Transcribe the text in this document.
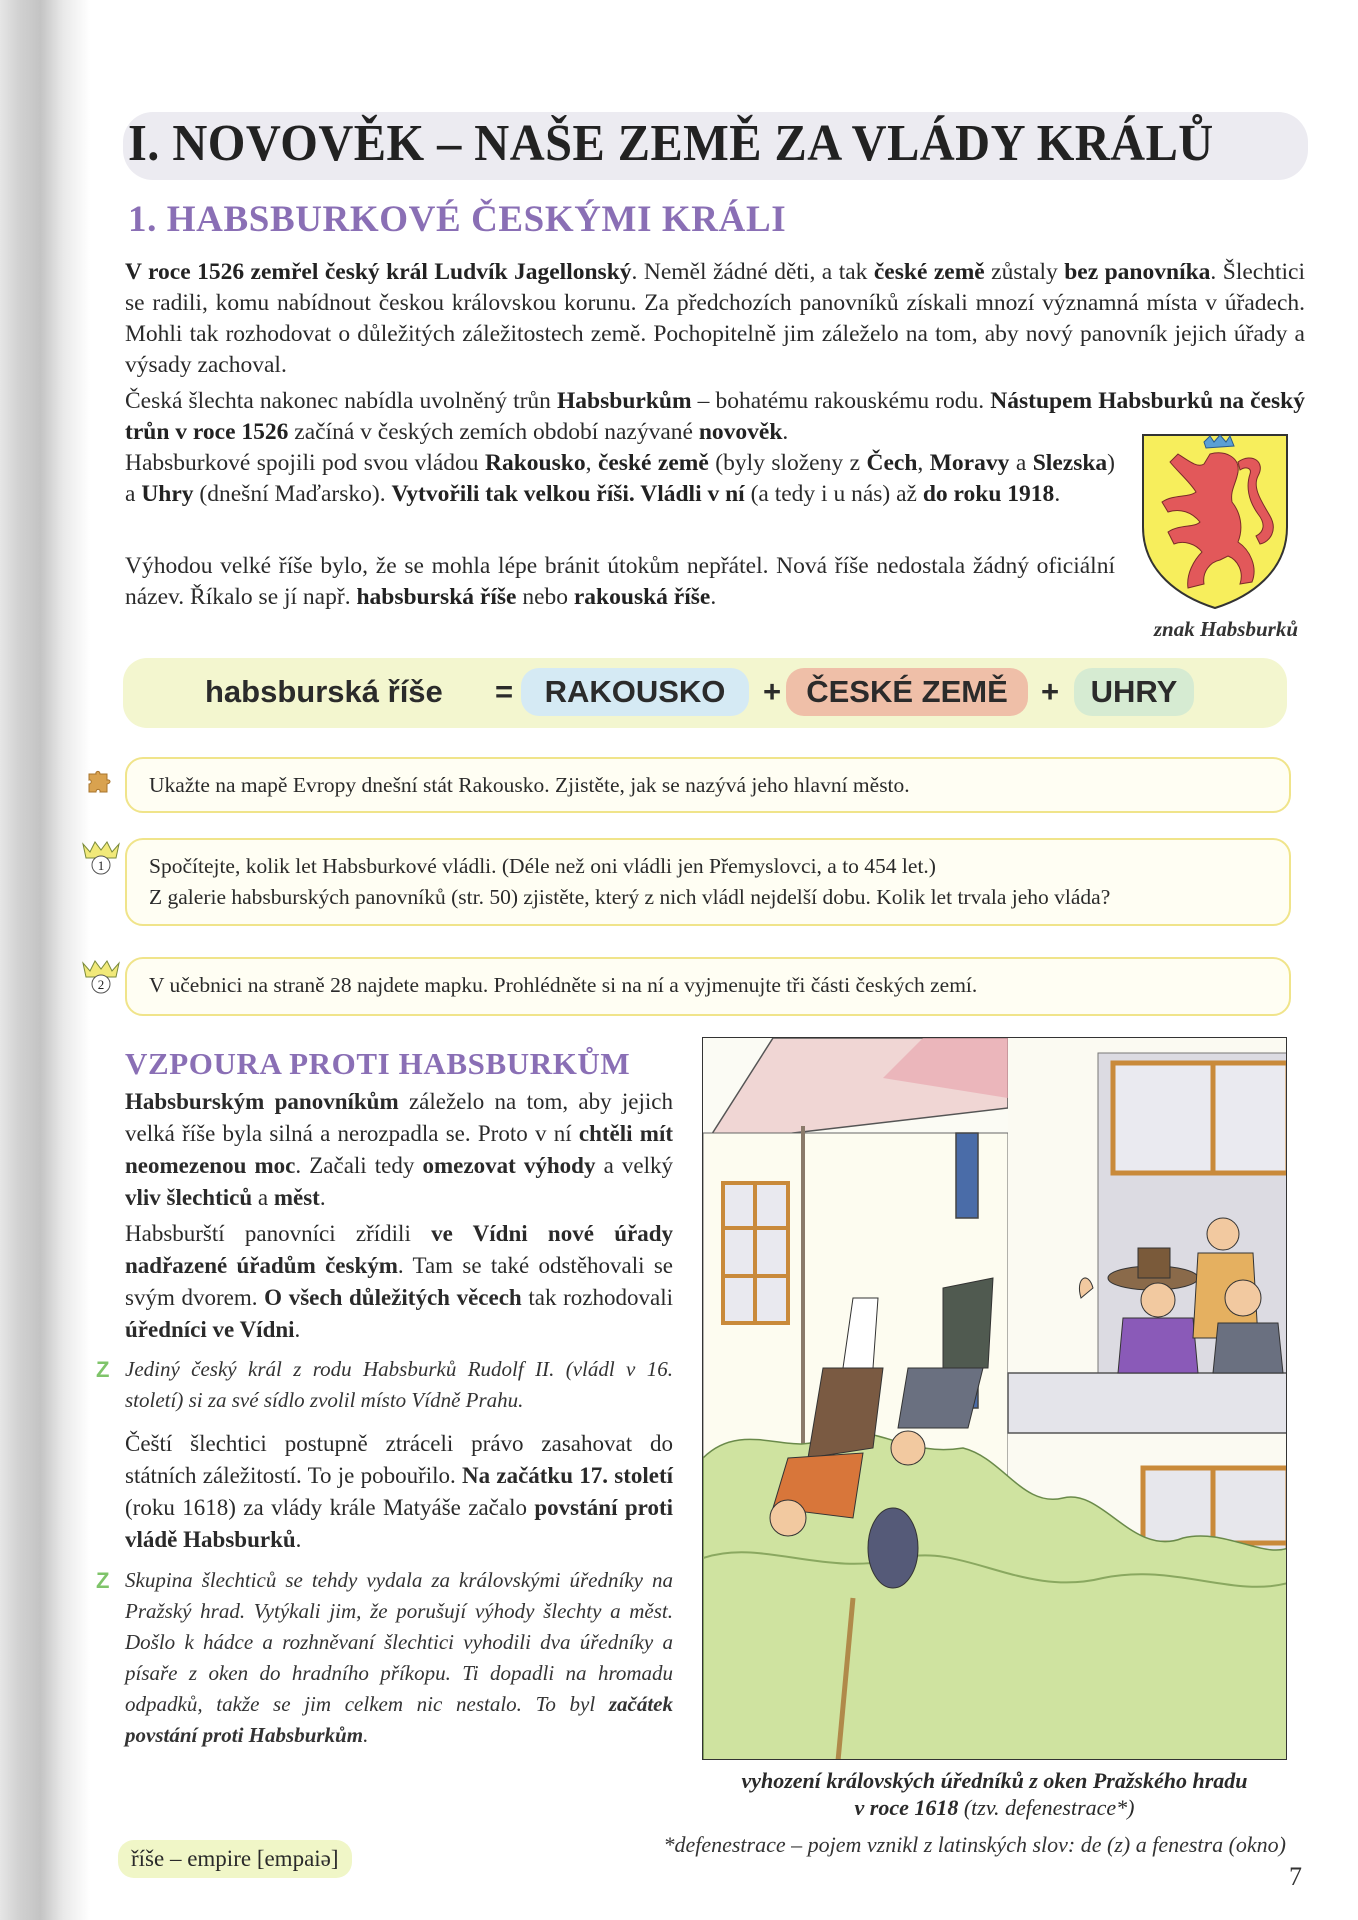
I. NOVOVĚK – NAŠE ZEMĚ ZA VLÁDY KRÁLŮ
1. HABSBURKOVÉ ČESKÝMI KRÁLI
V roce 1526 zemřel český král Ludvík Jagellonský. Neměl žádné děti, a tak české země zůstaly bez panovníka. Šlechtici se radili, komu nabídnout českou královskou korunu. Za předchozích panovníků získali mnozí významná místa v úřadech. Mohli tak rozhodovat o důležitých záležitostech země. Pochopitelně jim záleželo na tom, aby nový panovník jejich úřady a výsady zachoval.
Česká šlechta nakonec nabídla uvolněný trůn Habsburkům – bohatému rakouskému rodu. Nástupem Habsburků na český trůn v roce 1526 začíná v českých zemích období nazývané novověk.
Habsburkové spojili pod svou vládou Rakousko, české země (byly složeny z Čech, Moravy a Slezska) a Uhry (dnešní Maďarsko). Vytvořili tak velkou říši. Vládli v ní (a tedy i u nás) až do roku 1918.
Výhodou velké říše bylo, že se mohla lépe bránit útokům nepřátel. Nová říše nedostala žádný oficiální název. Říkalo se jí např. habsburská říše nebo rakouská říše.
znak Habsburků
habsburská říše =	RAKOUSKO	+ ČESKÉ ZEMĚ	+	UHRY
1
2
Ukažte na mapě Evropy dnešní stát Rakousko. Zjistěte, jak se nazývá jeho hlavní město.
Spočítejte, kolik let Habsburkové vládli. (Déle než oni vládli jen Přemyslovci, a to 454 let.)
Z galerie habsburských panovníků (str. 50) zjistěte, který z nich vládl nejdelší dobu. Kolik let trvala jeho vláda?
V učebnici na straně 28 najdete mapku. Prohlédněte si na ní a vyjmenujte tři části českých zemí.
VZPOURA PROTI HABSBURKŮM
Habsburským panovníkům záleželo na tom, aby jejich velká říše byla silná a nerozpadla se. Proto v ní chtěli mít neomezenou moc. Začali tedy omezovat výhody a velký vliv šlechticů a měst.
Habsburští panovníci zřídili ve Vídni nové úřady nadřazené úřadům českým. Tam se také odstěhovali se svým dvorem. O všech důležitých věcech tak rozhodovali úředníci ve Vídni.
Z Jediný český král z rodu Habsburků Rudolf II. (vládl v 16. století) si za své sídlo zvolil místo Vídně Prahu.
Čeští šlechtici postupně ztráceli právo zasahovat do státních záležitostí. To je pobouřilo. Na začátku 17. století (roku 1618) za vlády krále Matyáše začalo povstání proti vládě Habsburků.
Z Skupina šlechticů se tehdy vydala za královskými úředníky na Pražský hrad. Vytýkali jim, že porušují výhody šlechty a měst. Došlo k hádce a rozhněvaní šlechtici vyhodili dva úředníky a písaře z oken do hradního příkopu. Ti dopadli na hromadu odpadků, takže se jim celkem nic nestalo. To byl začátek povstání proti Habsburkům.
říše – empire [empaiə]
vyhození královských úředníků z oken Pražského hradu
v roce 1618 (tzv. defenestrace*)
*defenestrace – pojem vznikl z latinských slov: de (z) a fenestra (okno)
7
